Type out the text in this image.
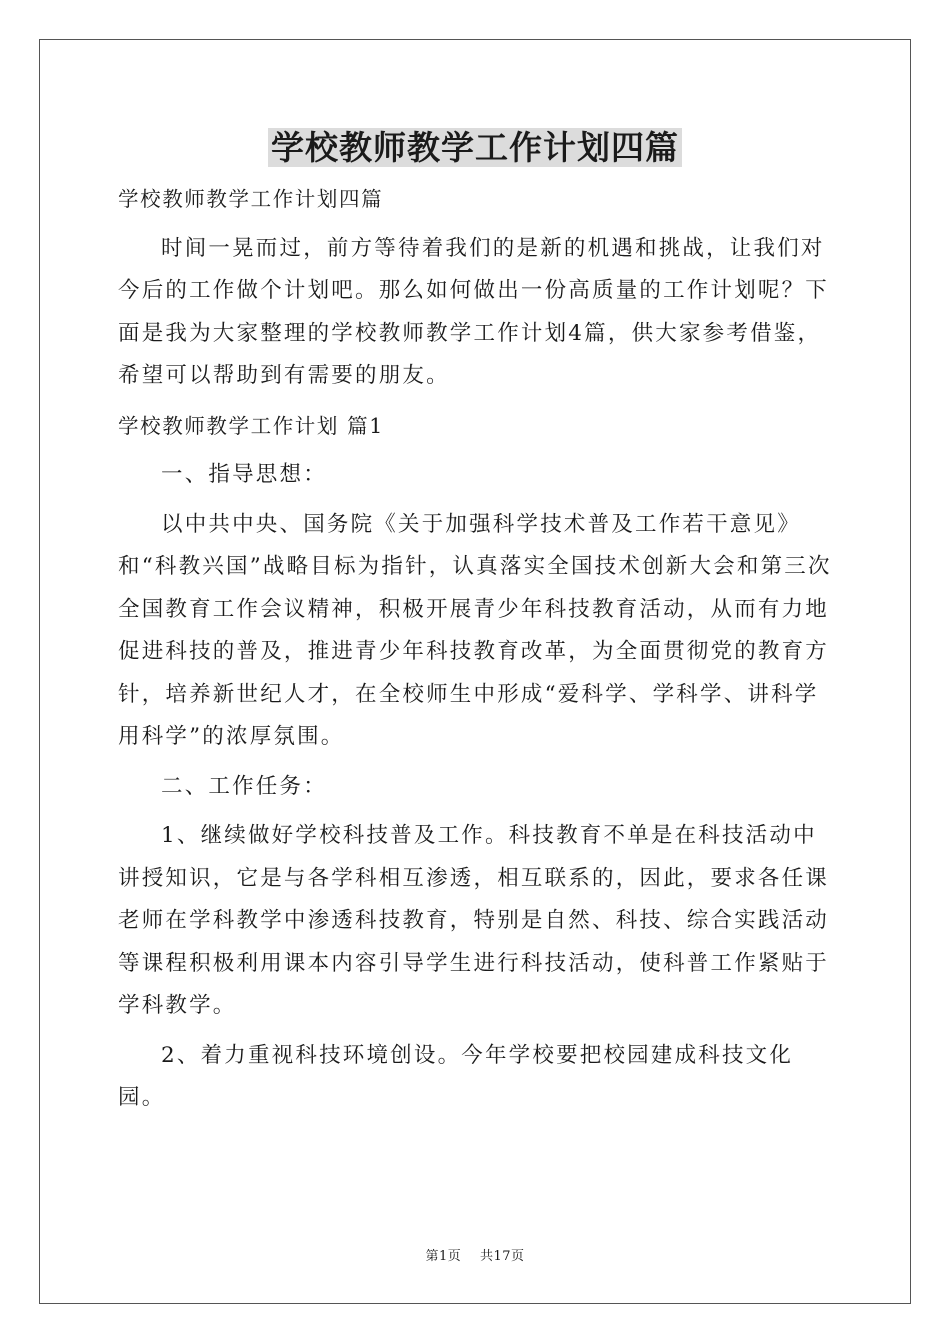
学校教师教学工作计划四篇

学校教师教学工作计划四篇

时间一晃而过，前方等待着我们的是新的机遇和挑战，让我们对今后的工作做个计划吧。那么如何做出一份高质量的工作计划呢？下面是我为大家整理的学校教师教学工作计划4篇，供大家参考借鉴，希望可以帮助到有需要的朋友。

学校教师教学工作计划 篇1

一、指导思想：

以中共中央、国务院《关于加强科学技术普及工作若干意见》和“科教兴国”战略目标为指针，认真落实全国技术创新大会和第三次全国教育工作会议精神，积极开展青少年科技教育活动，从而有力地促进科技的普及，推进青少年科技教育改革，为全面贯彻党的教育方针，培养新世纪人才，在全校师生中形成“爱科学、学科学、讲科学用科学”的浓厚氛围。

二、工作任务：

1、继续做好学校科技普及工作。科技教育不单是在科技活动中讲授知识，它是与各学科相互渗透，相互联系的，因此，要求各任课老师在学科教学中渗透科技教育，特别是自然、科技、综合实践活动等课程积极利用课本内容引导学生进行科技活动，使科普工作紧贴于学科教学。

2、着力重视科技环境创设。今年学校要把校园建成科技文化园。

第1页 共17页
